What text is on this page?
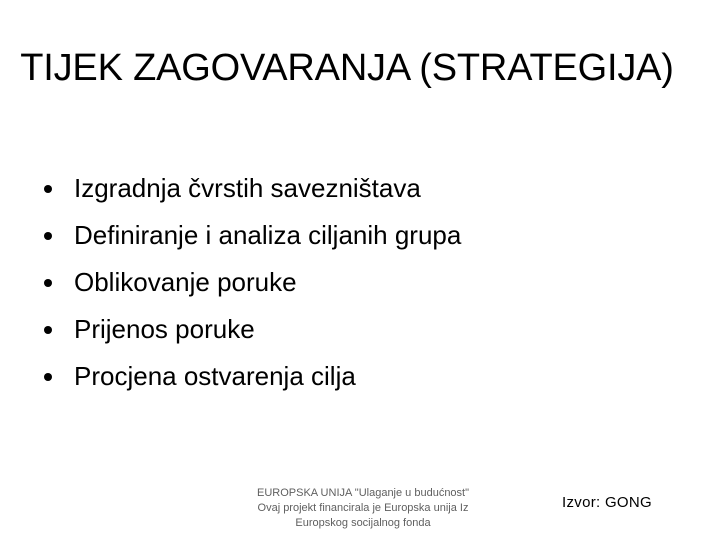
TIJEK ZAGOVARANJA (STRATEGIJA)
Izgradnja čvrstih savezništava
Definiranje i analiza ciljanih grupa
Oblikovanje poruke
Prijenos poruke
Procjena ostvarenja cilja
EUROPSKA UNIJA "Ulaganje u budućnost" Ovaj projekt financirala je Europska unija Iz Europskog socijalnog fonda
Izvor: GONG
